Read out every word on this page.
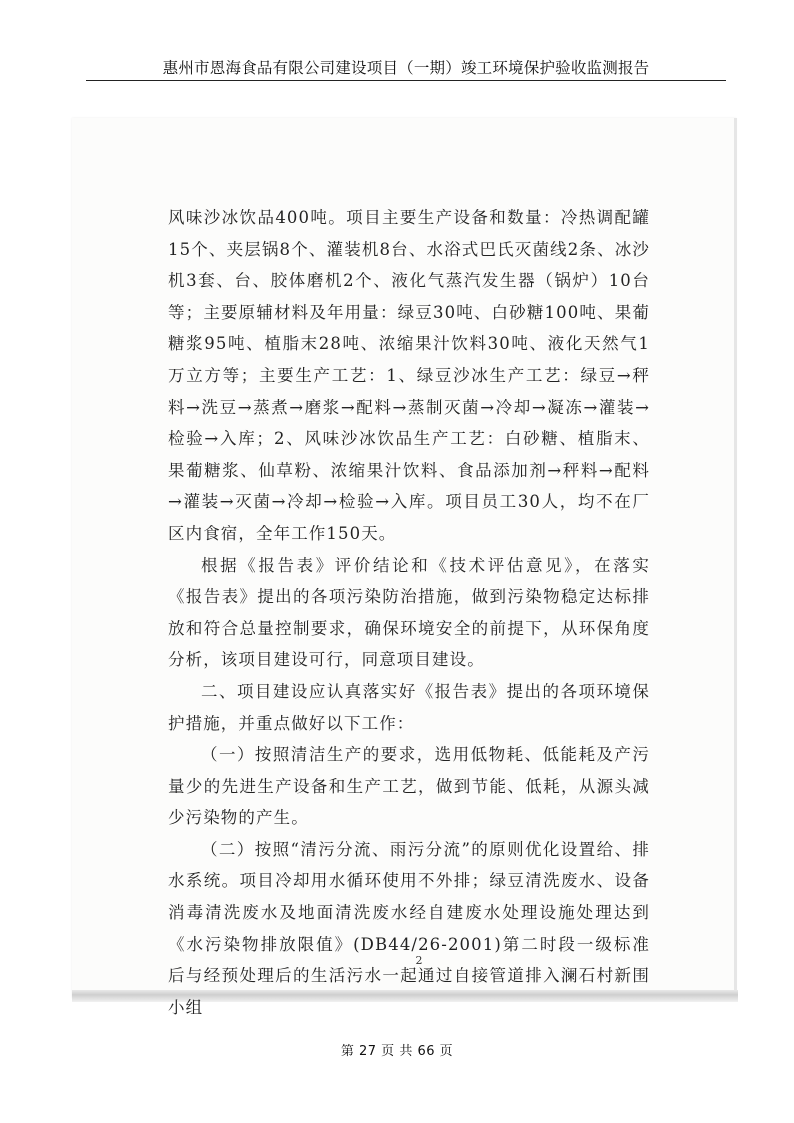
惠州市恩海食品有限公司建设项目（一期）竣工环境保护验收监测报告

风味沙冰饮品400吨。项目主要生产设备和数量：冷热调配罐15个、夹层锅8个、灌装机8台、水浴式巴氏灭菌线2条、冰沙机3套、台、胶体磨机2个、液化气蒸汽发生器（锅炉）10台等；主要原辅材料及年用量：绿豆30吨、白砂糖100吨、果葡糖浆95吨、植脂末28吨、浓缩果汁饮料30吨、液化天然气1万立方等；主要生产工艺：1、绿豆沙冰生产工艺：绿豆→秤料→洗豆→蒸煮→磨浆→配料→蒸制灭菌→冷却→凝冻→灌装→检验→入库；2、风味沙冰饮品生产工艺：白砂糖、植脂末、果葡糖浆、仙草粉、浓缩果汁饮料、食品添加剂→秤料→配料→灌装→灭菌→冷却→检验→入库。项目员工30人，均不在厂区内食宿，全年工作150天。

根据《报告表》评价结论和《技术评估意见》，在落实《报告表》提出的各项污染防治措施，做到污染物稳定达标排放和符合总量控制要求，确保环境安全的前提下，从环保角度分析，该项目建设可行，同意项目建设。

二、项目建设应认真落实好《报告表》提出的各项环境保护措施，并重点做好以下工作：

（一）按照清洁生产的要求，选用低物耗、低能耗及产污量少的先进生产设备和生产工艺，做到节能、低耗，从源头减少污染物的产生。

（二）按照“清污分流、雨污分流”的原则优化设置给、排水系统。项目冷却用水循环使用不外排；绿豆清洗废水、设备消毒清洗废水及地面清洗废水经自建废水处理设施处理达到《水污染物排放限值》(DB44/26-2001)第二时段一级标准后与经预处理后的生活污水一起通过自接管道排入澜石村新围小组

2
第 27 页 共 66 页
